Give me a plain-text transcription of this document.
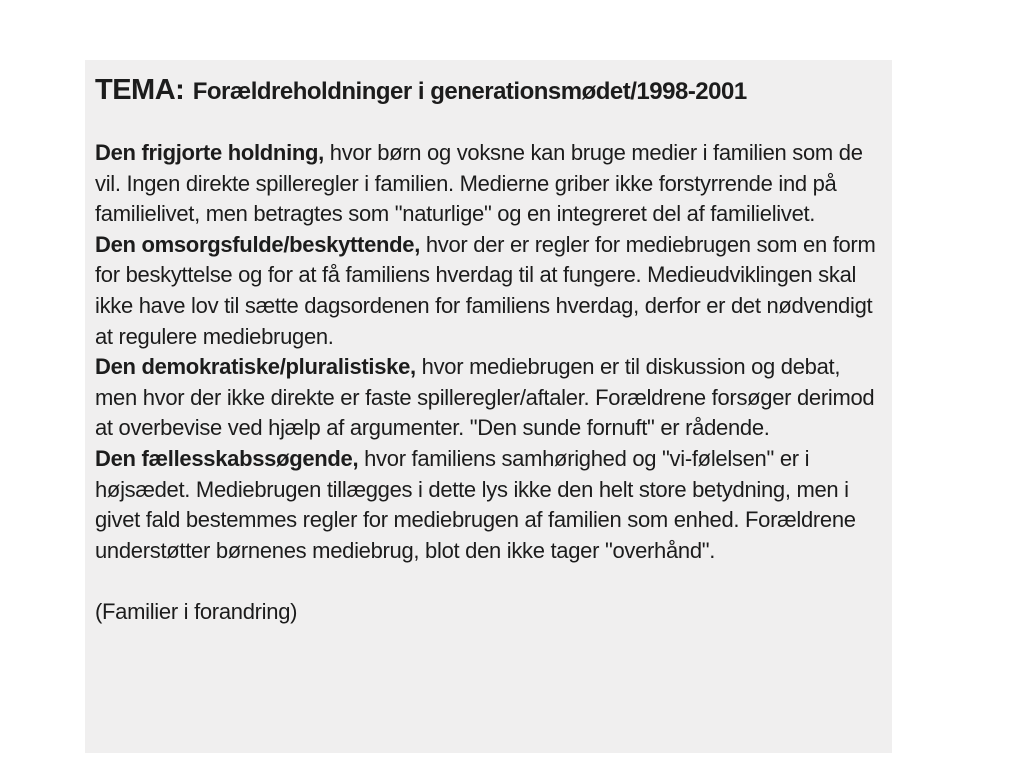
TEMA: Forældreholdninger i generationsmødet/1998-2001

Den frigjorte holdning, hvor børn og voksne kan bruge medier i familien som de vil. Ingen direkte spilleregler i familien. Medierne griber ikke forstyrrende ind på familielivet, men betragtes som "naturlige" og en integreret del af familielivet.

Den omsorgsfulde/beskyttende, hvor der er regler for mediebrugen som en form for beskyttelse og for at få familiens hverdag til at fungere. Medieudviklingen skal ikke have lov til sætte dagsordenen for familiens hverdag, derfor er det nødvendigt at regulere mediebrugen.

Den demokratiske/pluralistiske, hvor mediebrugen er til diskussion og debat, men hvor der ikke direkte er faste spilleregler/aftaler. Forældrene forsøger derimod at overbevise ved hjælp af argumenter. "Den sunde fornuft" er rådende.

Den fællesskabssøgende, hvor familiens samhørighed og "vi-følelsen" er i højsædet. Mediebrugen tillægges i dette lys ikke den helt store betydning, men i givet fald bestemmes regler for mediebrugen af familien som enhed. Forældrene understøtter børnenes mediebrug, blot den ikke tager "overhånd".

(Familier i forandring)
